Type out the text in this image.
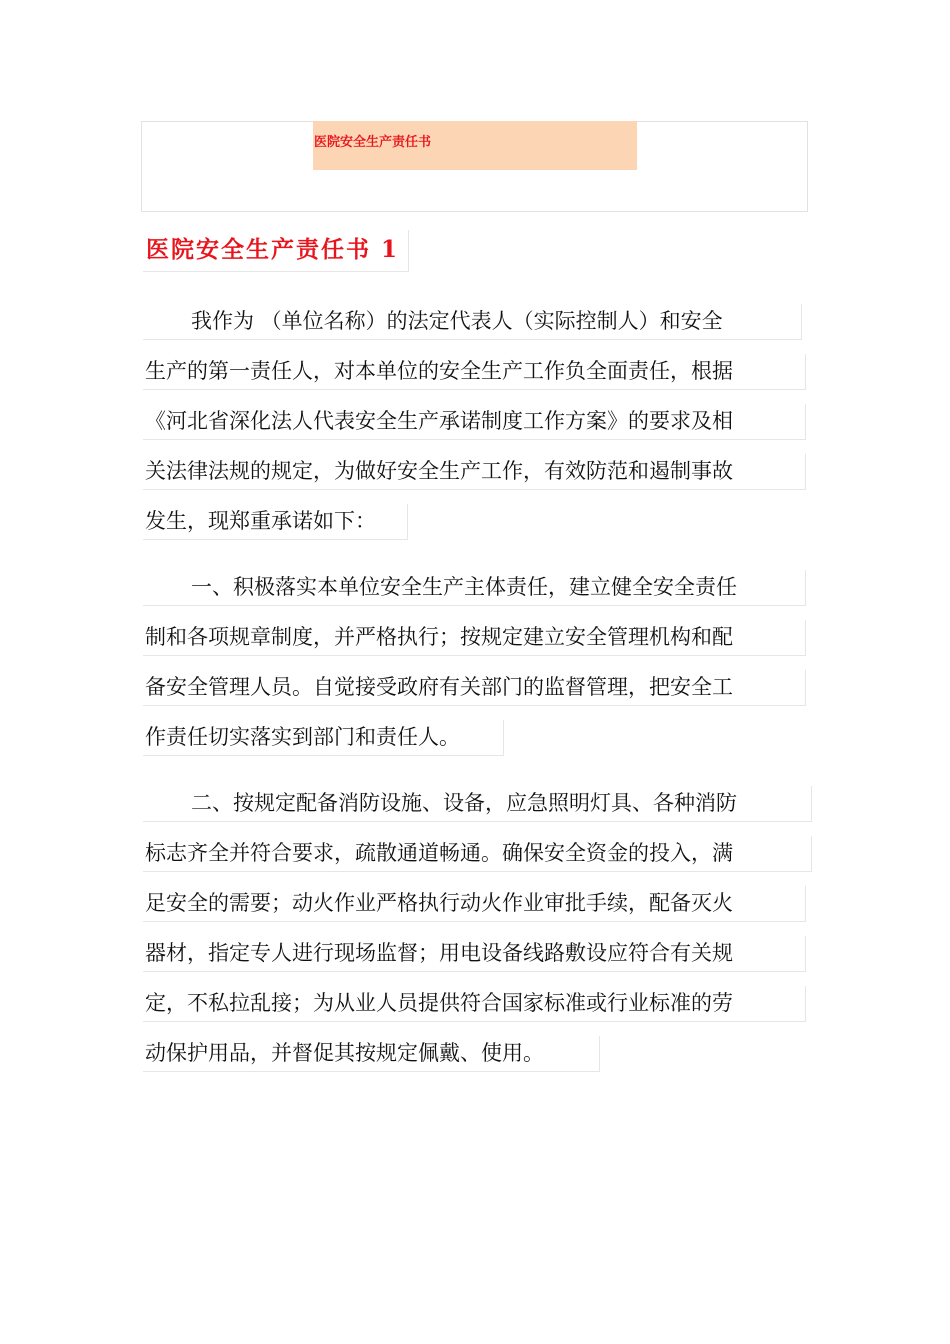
医院安全生产责任书
医院安全生产责任书 1
我作为 （单位名称）的法定代表人（实际控制人）和安全
生产的第一责任人，对本单位的安全生产工作负全面责任，根据
《河北省深化法人代表安全生产承诺制度工作方案》的要求及相
关法律法规的规定，为做好安全生产工作，有效防范和遏制事故
发生，现郑重承诺如下：
一、积极落实本单位安全生产主体责任，建立健全安全责任
制和各项规章制度，并严格执行；按规定建立安全管理机构和配
备安全管理人员。自觉接受政府有关部门的监督管理，把安全工
作责任切实落实到部门和责任人。
二、按规定配备消防设施、设备，应急照明灯具、各种消防
标志齐全并符合要求，疏散通道畅通。确保安全资金的投入，满
足安全的需要；动火作业严格执行动火作业审批手续，配备灭火
器材，指定专人进行现场监督；用电设备线路敷设应符合有关规
定，不私拉乱接；为从业人员提供符合国家标准或行业标准的劳
动保护用品，并督促其按规定佩戴、使用。
